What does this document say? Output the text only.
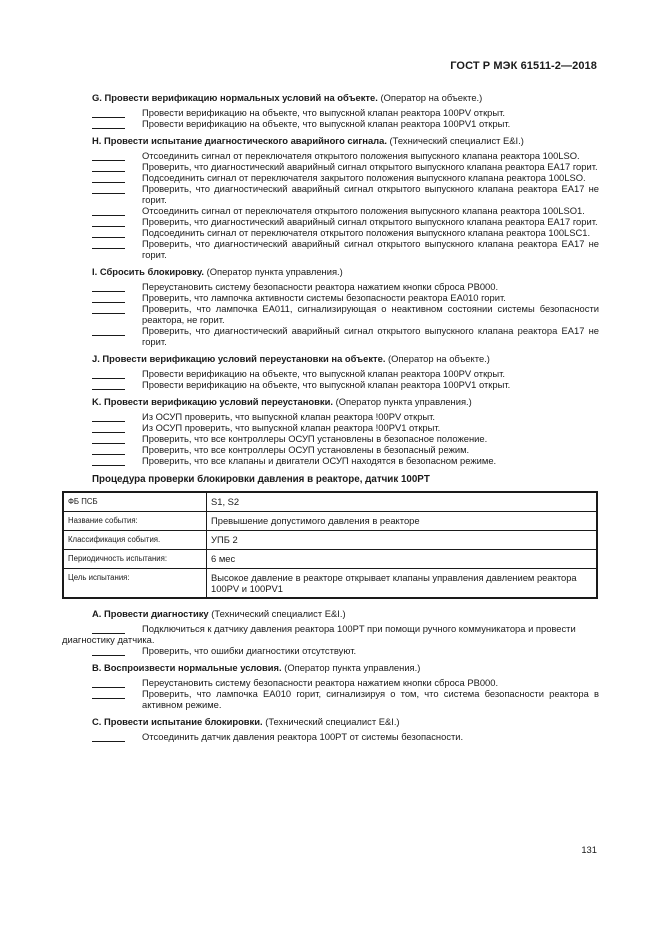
ГОСТ Р МЭК 61511-2—2018
G. Провести верификацию нормальных условий на объекте. (Оператор на объекте.)
Провести верификацию на объекте, что выпускной клапан реактора 100PV открыт.
Провести верификацию на объекте, что выпускной клапан реактора 100PV1 открыт.
H. Провести испытание диагностического аварийного сигнала. (Технический специалист E&I.)
Отсоединить сигнал от переключателя открытого положения выпускного клапана реактора 100LSO.
Проверить, что диагностический аварийный сигнал открытого выпускного клапана реактора EA17 горит.
Подсоединить сигнал от переключателя закрытого положения выпускного клапана реактора 100LSO.
Проверить, что диагностический аварийный сигнал открытого выпускного клапана реактора EA17 не горит.
Отсоединить сигнал от переключателя открытого положения выпускного клапана реактора 100LSO1.
Проверить, что диагностический аварийный сигнал открытого выпускного клапана реактора EA17 горит.
Подсоединить сигнал от переключателя открытого положения выпускного клапана реактора 100LSC1.
Проверить, что диагностический аварийный сигнал открытого выпускного клапана реактора EA17 не горит.
I. Сбросить блокировку. (Оператор пункта управления.)
Переустановить систему безопасности реактора нажатием кнопки сброса PB000.
Проверить, что лампочка активности системы безопасности реактора EA010 горит.
Проверить, что лампочка EA011, сигнализирующая о неактивном состоянии системы безопасности реактора, не горит.
Проверить, что диагностический аварийный сигнал открытого выпускного клапана реактора EA17 не горит.
J. Провести верификацию условий переустановки на объекте. (Оператор на объекте.)
Провести верификацию на объекте, что выпускной клапан реактора 100PV открыт.
Провести верификацию на объекте, что выпускной клапан реактора 100PV1 открыт.
K. Провести верификацию условий переустановки. (Оператор пункта управления.)
Из ОСУП проверить, что выпускной клапан реактора !00PV открыт.
Из ОСУП проверить, что выпускной клапан реактора !00PV1 открыт.
Проверить, что все контроллеры ОСУП установлены в безопасное положение.
Проверить, что все контроллеры ОСУП установлены в безопасный режим.
Проверить, что все клапаны и двигатели ОСУП находятся в безопасном режиме.
Процедура проверки блокировки давления в реакторе, датчик 100PT
ФБ ПСБ	S1, S2
Название события:	Превышение допустимого давления в реакторе
Классификация события.	УПБ 2
Периодичность испытания:	6 мес
Цель испытания:	Высокое давление в реакторе открывает клапаны управления давлением реактора 100PV и 100PV1
A. Провести диагностику (Технический специалист E&I.)
Подключиться к датчику давления реактора 100PT при помощи ручного коммуникатора и провести диагностику датчика.
Проверить, что ошибки диагностики отсутствуют.
B. Воспроизвести нормальные условия. (Оператор пункта управления.)
Переустановить систему безопасности реактора нажатием кнопки сброса PB000.
Проверить, что лампочка EA010 горит, сигнализируя о том, что система безопасности реактора в активном режиме.
C. Провести испытание блокировки. (Технический специалист E&I.)
Отсоединить датчик давления реактора 100PT от системы безопасности.
131
